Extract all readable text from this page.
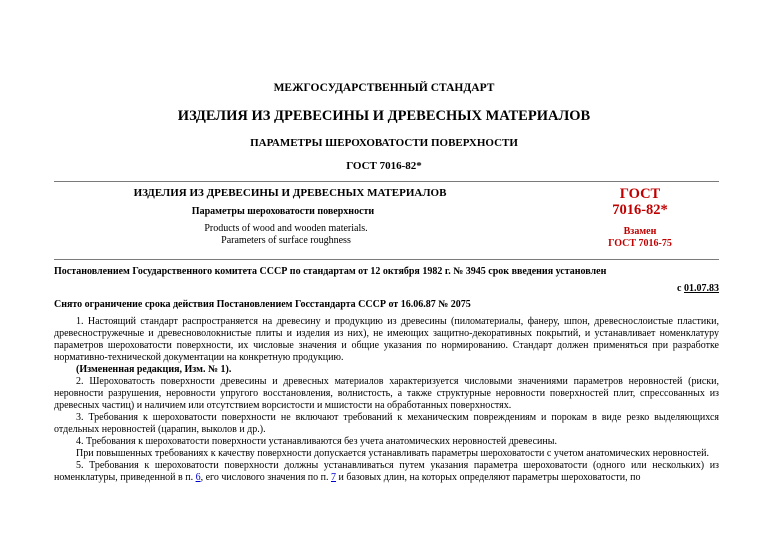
МЕЖГОСУДАРСТВЕННЫЙ СТАНДАРТ
ИЗДЕЛИЯ ИЗ ДРЕВЕСИНЫ И ДРЕВЕСНЫХ МАТЕРИАЛОВ
ПАРАМЕТРЫ ШЕРОХОВАТОСТИ ПОВЕРХНОСТИ
ГОСТ 7016-82*
ИЗДЕЛИЯ ИЗ ДРЕВЕСИНЫ И ДРЕВЕСНЫХ МАТЕРИАЛОВ
Параметры шероховатости поверхности
Products of wood and wooden materials.
Parameters of surface roughness
ГОСТ
7016-82*
Взамен
ГОСТ 7016-75
Постановлением Государственного комитета СССР по стандартам от 12 октября 1982 г. № 3945 срок введения установлен
с 01.07.83
Снято ограничение срока действия Постановлением Госстандарта СССР от 16.06.87 № 2075

1. Настоящий стандарт распространяется на древесину и продукцию из древесины (пиломатериалы, фанеру, шпон, древеснослоистые пластики, древесностружечные и древесноволокнистые плиты и изделия из них), не имеющих защитно-декоративных покрытий, и устанавливает номенклатуру параметров шероховатости поверхности, их числовые значения и общие указания по нормированию. Стандарт должен применяться при разработке нормативно-технической документации на конкретную продукцию.

(Измененная редакция, Изм. № 1).

2. Шероховатость поверхности древесины и древесных материалов характеризуется числовыми значениями параметров неровностей (риски, неровности разрушения, неровности упругого восстановления, волнистость, а также структурные неровности поверхностей плит, спрессованных из древесных частиц) и наличием или отсутствием ворсистости и мшистости на обработанных поверхностях.

3. Требования к шероховатости поверхности не включают требований к механическим повреждениям и порокам в виде резко выделяющихся отдельных неровностей (царапин, выколов и др.).

4. Требования к шероховатости поверхности устанавливаются без учета анатомических неровностей древесины.

При повышенных требованиях к качеству поверхности допускается устанавливать параметры шероховатости с учетом анатомических неровностей.

5. Требования к шероховатости поверхности должны устанавливаться путем указания параметра шероховатости (одного или нескольких) из номенклатуры, приведенной в п. 6, его числового значения по п. 7 и базовых длин, на которых определяют параметры шероховатости, по
